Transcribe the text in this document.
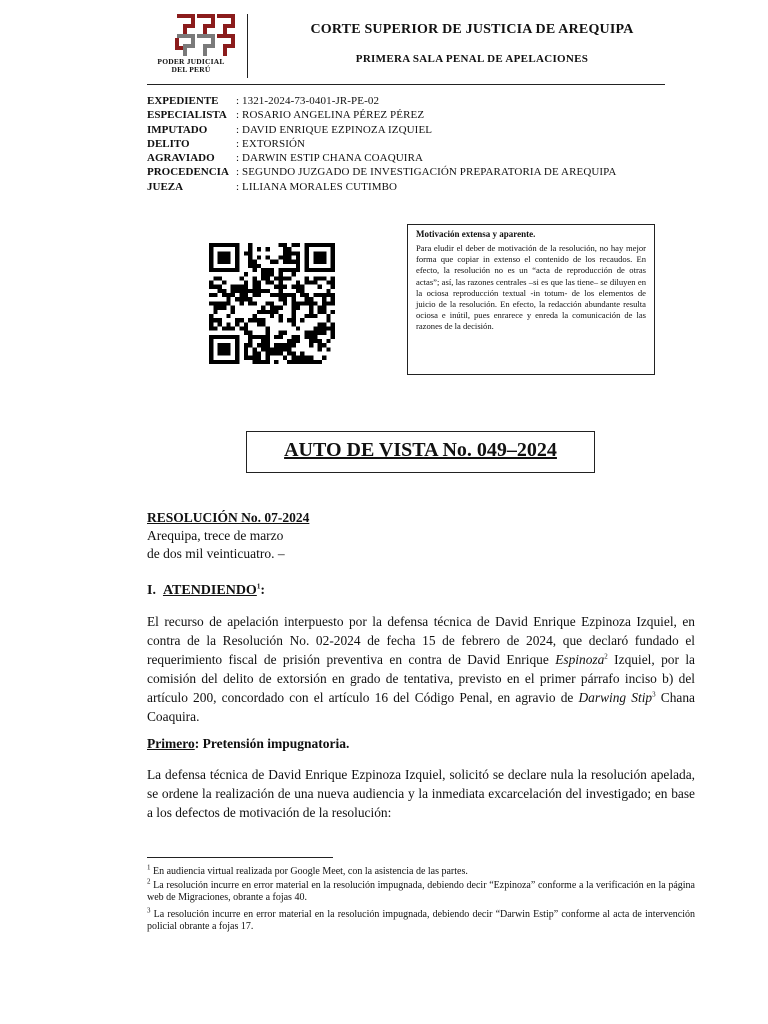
PODER JUDICIAL
DEL PERÚ
CORTE SUPERIOR DE JUSTICIA DE AREQUIPA
PRIMERA SALA PENAL DE APELACIONES
EXPEDIENTE : 1321-2024-73-0401-JR-PE-02
ESPECIALISTA : ROSARIO ANGELINA PÉREZ PÉREZ
IMPUTADO	: DAVID ENRIQUE EZPINOZA IZQUIEL
DELITO	: EXTORSIÓN
AGRAVIADO : DARWIN ESTIP CHANA COAQUIRA
PROCEDENCIA : SEGUNDO JUZGADO DE INVESTIGACIÓN PREPARATORIA DE AREQUIPA
JUEZA	: LILIANA MORALES CUTIMBO

Motivación extensa y aparente.

Para eludir el deber de motivación de la resolución, no hay mejor forma que copiar in extenso el contenido de los recaudos. En efecto, la resolución no es un “acta de reproducción de otras actas”; así, las razones centrales –si es que las tiene– se diluyen en la ociosa reproducción textual -in totum- de los elementos de juicio de la resolución. En efecto, la redacción abundante resulta ociosa e inútil, pues enrarece y enreda la comunicación de las razones de la decisión.

AUTO DE VISTA No. 049–2024
RESOLUCIÓN No. 07-2024
Arequipa, trece de marzo
de dos mil veinticuatro. –
I. ATENDIENDO$^1$:

El recurso de apelación interpuesto por la defensa técnica de David Enrique Ezpinoza Izquiel, en contra de la Resolución No. 02-2024 de fecha 15 de febrero de 2024, que declaró fundado el requerimiento fiscal de prisión preventiva en contra de David Enrique Espinoza$^2$ Izquiel, por la comisión del delito de extorsión en grado de tentativa, previsto en el primer párrafo inciso b) del artículo 200, concordado con el artículo 16 del Código Penal, en agravio de Darwing Stip$^3$ Chana Coaquira.

Primero: Pretensión impugnatoria.

La defensa técnica de David Enrique Ezpinoza Izquiel, solicitó se declare nula la resolución apelada, se ordene la realización de una nueva audiencia y la inmediata excarcelación del investigado; en base a los defectos de motivación de la resolución:

$^1$ En audiencia virtual realizada por Google Meet, con la asistencia de las partes.

$^2$ La resolución incurre en error material en la resolución impugnada, debiendo decir “Ezpinoza” conforme a la verificación en la página web de Migraciones, obrante a fojas 40.

$^3$ La resolución incurre en error material en la resolución impugnada, debiendo decir “Darwin Estip” conforme al acta de intervención policial obrante a fojas 17.
